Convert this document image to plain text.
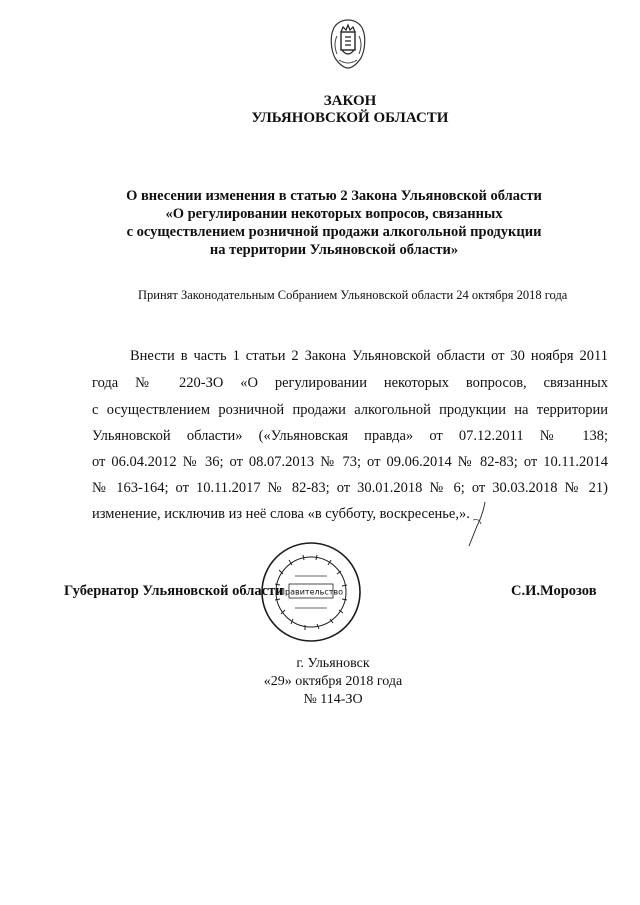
ЗАКОН
УЛЬЯНОВСКОЙ ОБЛАСТИ
О внесении изменения в статью 2 Закона Ульяновской области
«О регулировании некоторых вопросов, связанных
с осуществлением розничной продажи алкогольной продукции
на территории Ульяновской области»
Принят Законодательным Собранием Ульяновской области 24 октября 2018 года
Внести в часть 1 статьи 2 Закона Ульяновской области от 30 ноября 2011
года № 220-ЗО «О регулировании некоторых вопросов, связанных
с осуществлением розничной продажи алкогольной продукции на территории
Ульяновской области» («Ульяновская правда» от 07.12.2011 № 138;
от 06.04.2012 № 36; от 08.07.2013 № 73; от 09.06.2014 № 82-83; от 10.11.2014
№ 163-164; от 10.11.2017 № 82-83; от 30.01.2018 № 6; от 30.03.2018 № 21)
изменение, исключив из неё слова «в субботу, воскресенье,».
Правительство
Губернатор Ульяновской области	С.И.Морозов
г. Ульяновск
«29» октября 2018 года
№ 114-ЗО
